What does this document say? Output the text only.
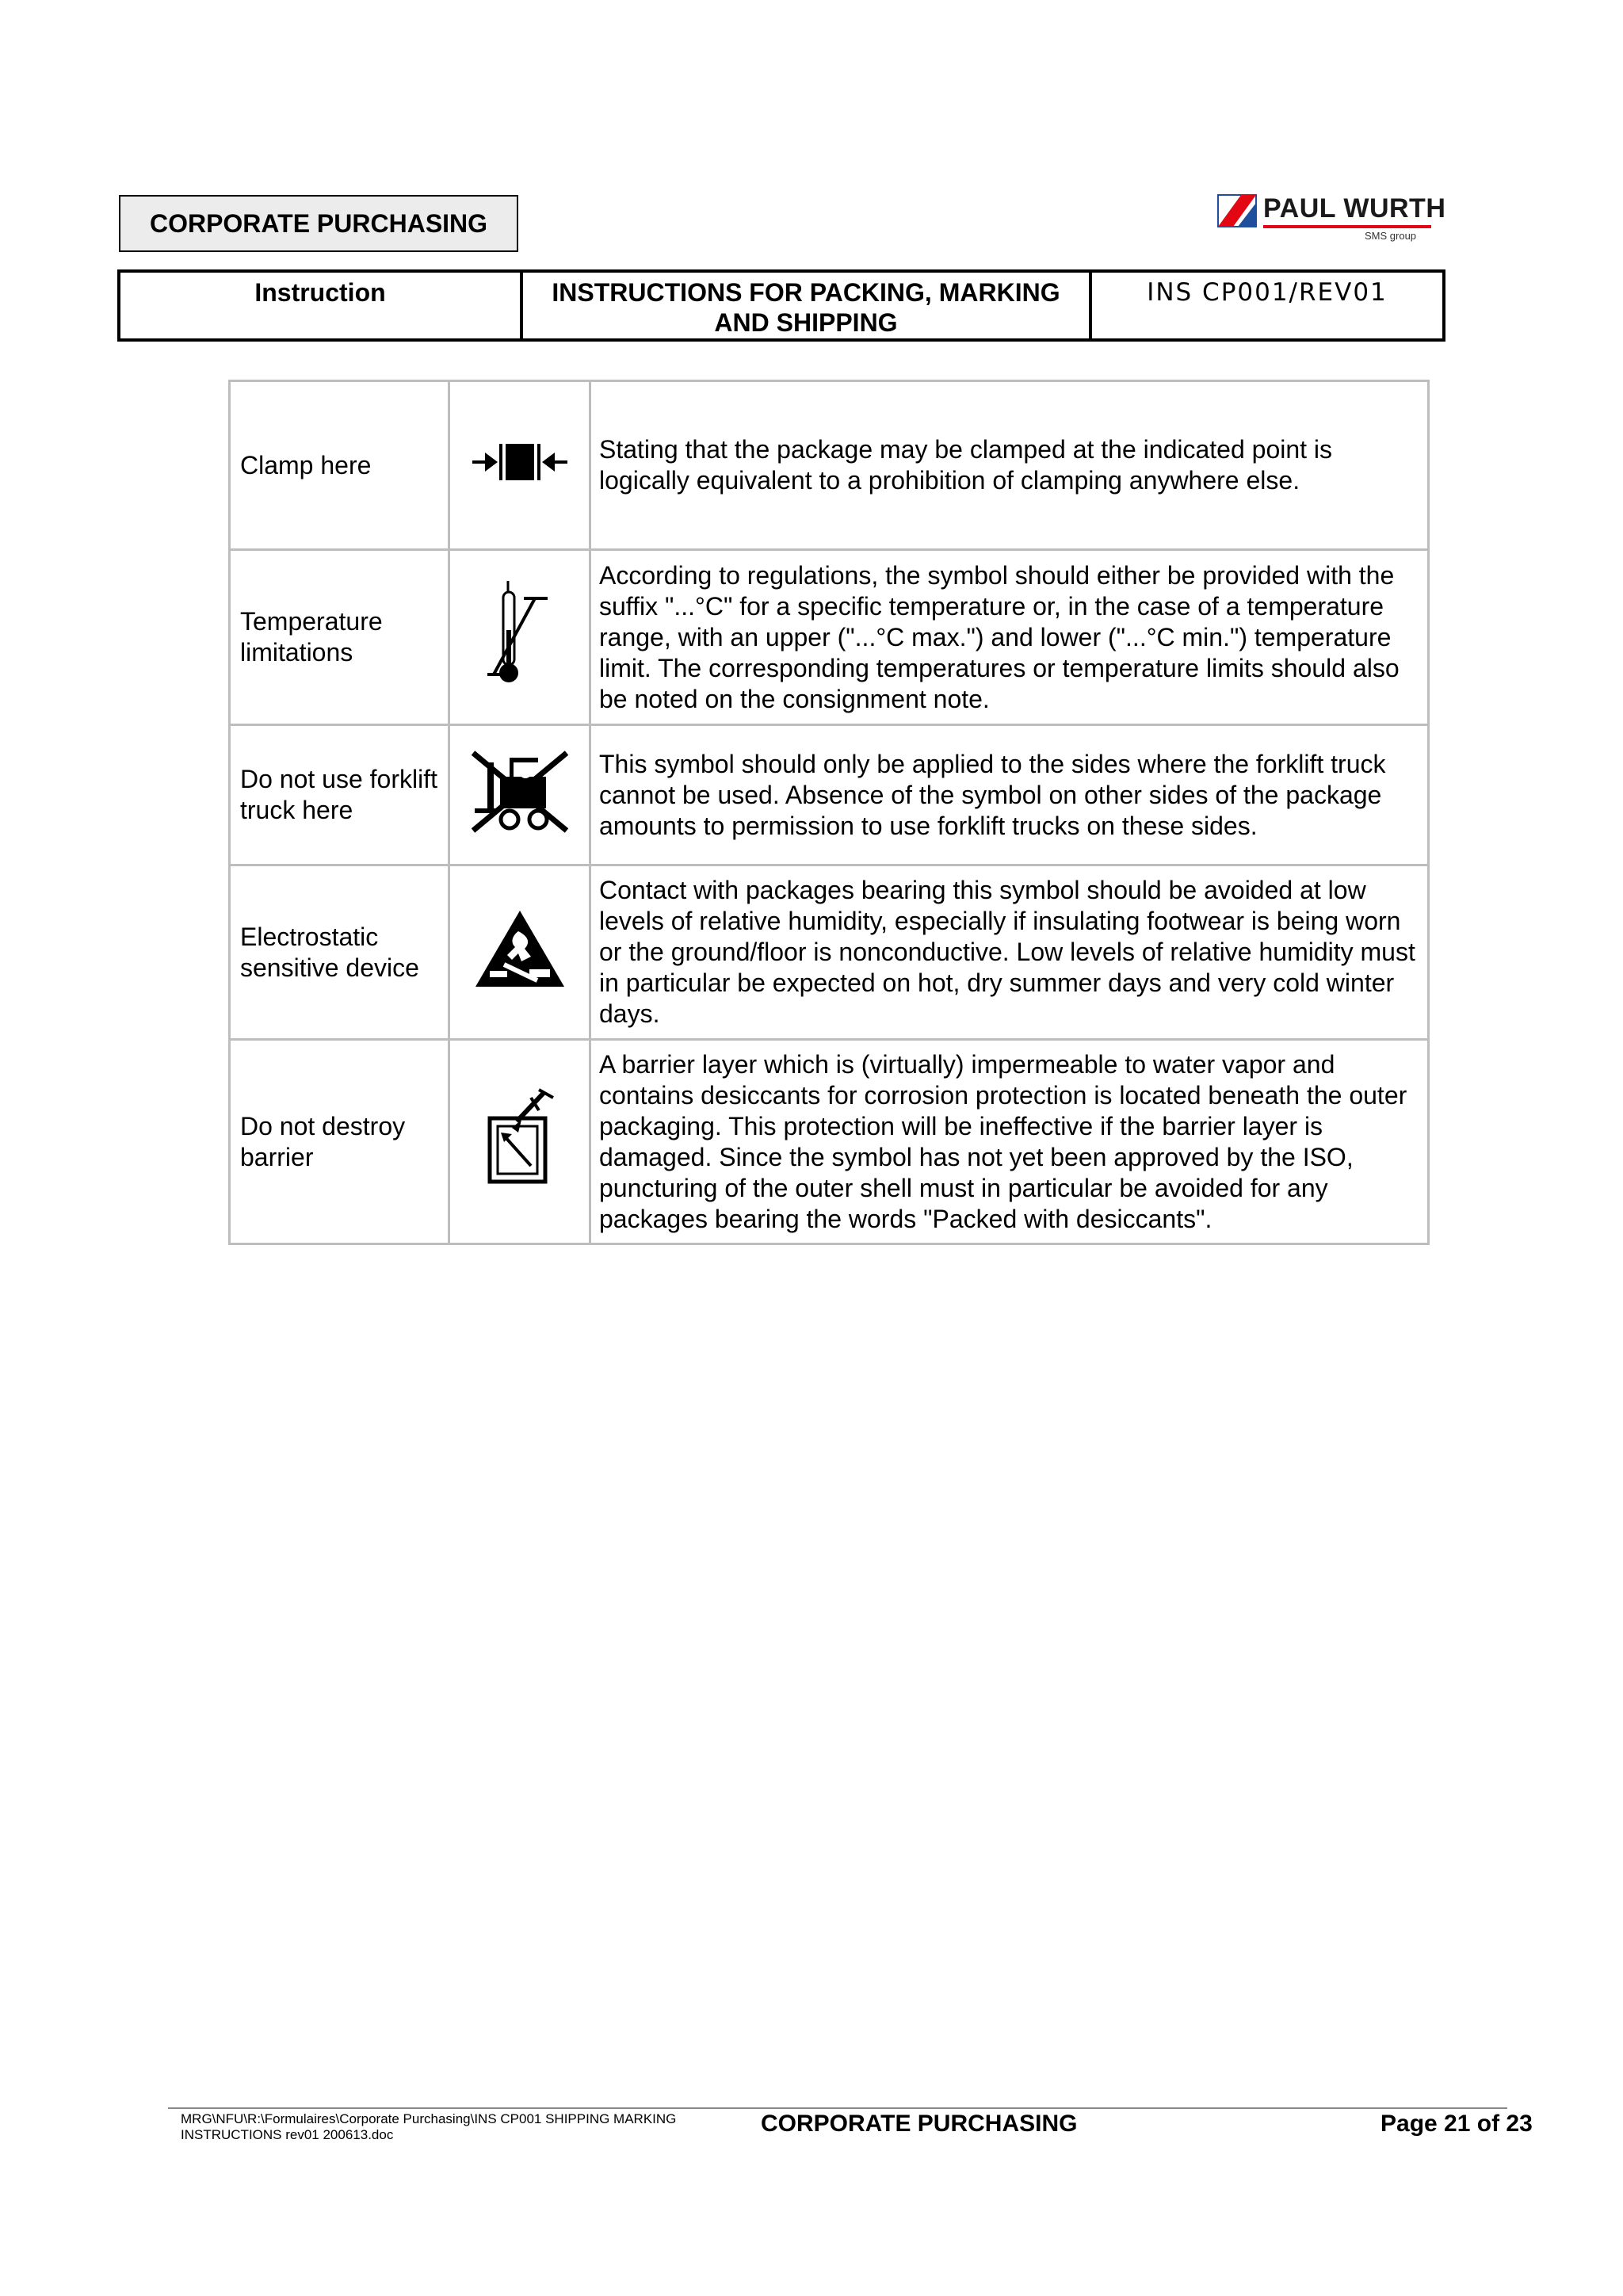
CORPORATE PURCHASING	PAUL WURTH
SMS group
Instruction	INSTRUCTIONS FOR PACKING, MARKING AND SHIPPING	INS CP001/REV01
Clamp here		Stating that the package may be clamped at the indicated point is logically equivalent to a prohibition of clamping anywhere else.
Temperature limitations		According to regulations, the symbol should either be provided with the suffix "...°C" for a specific temperature or, in the case of a temperature range, with an upper ("...°C max.") and lower ("...°C min.") temperature limit. The corresponding temperatures or temperature limits should also be noted on the consignment note.
Do not use forklift truck here		This symbol should only be applied to the sides where the forklift truck cannot be used. Absence of the symbol on other sides of the package amounts to permission to use forklift trucks on these sides.
Electrostatic sensitive device		Contact with packages bearing this symbol should be avoided at low levels of relative humidity, especially if insulating footwear is being worn or the ground/floor is nonconductive. Low levels of relative humidity must in particular be expected on hot, dry summer days and very cold winter days.
Do not destroy barrier		A barrier layer which is (virtually) impermeable to water vapor and contains desiccants for corrosion protection is located beneath the outer packaging. This protection will be ineffective if the barrier layer is damaged. Since the symbol has not yet been approved by the ISO, puncturing of the outer shell must in particular be avoided for any packages bearing the words "Packed with desiccants".
MRG\NFU\R:\Formulaires\Corporate Purchasing\INS CP001 SHIPPING MARKING INSTRUCTIONS rev01 200613.doc	CORPORATE PURCHASING	Page 21 of 23
